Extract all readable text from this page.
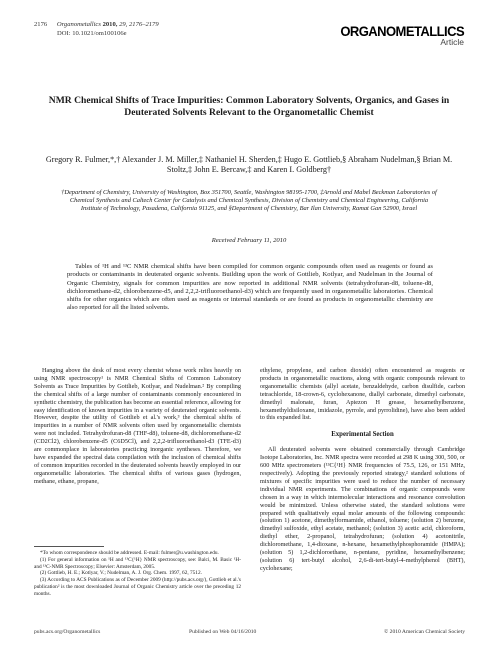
2176 Organometallics 2010, 29, 2176–2179
DOI: 10.1021/om100106e	ORGANOMETALLICS
Article
NMR Chemical Shifts of Trace Impurities: Common Laboratory Solvents, Organics, and Gases in Deuterated Solvents Relevant to the Organometallic Chemist
Gregory R. Fulmer,*,† Alexander J. M. Miller,‡ Nathaniel H. Sherden,‡ Hugo E. Gottlieb,§ Abraham Nudelman,§ Brian M. Stoltz,‡ John E. Bercaw,‡ and Karen I. Goldberg†
†Department of Chemistry, University of Washington, Box 351700, Seattle, Washington 98195-1700, ‡Arnold and Mabel Beckman Laboratories of Chemical Synthesis and Caltech Center for Catalysis and Chemical Synthesis, Division of Chemistry and Chemical Engineering, California Institute of Technology, Pasadena, California 91125, and §Department of Chemistry, Bar Ilan University, Ramat Gan 52900, Israel
Received February 11, 2010
Tables of ¹H and ¹³C NMR chemical shifts have been compiled for common organic compounds often used as reagents or found as products or contaminants in deuterated organic solvents. Building upon the work of Gottlieb, Kotlyar, and Nudelman in the Journal of Organic Chemistry, signals for common impurities are now reported in additional NMR solvents (tetrahydrofuran-d8, toluene-d8, dichloromethane-d2, chlorobenzene-d5, and 2,2,2-trifluoroethanol-d3) which are frequently used in organometallic laboratories. Chemical shifts for other organics which are often used as reagents or internal standards or are found as products in organometallic chemistry are also reported for all the listed solvents.

Hanging above the desk of most every chemist whose work relies heavily on using NMR spectroscopy¹ is NMR Chemical Shifts of Common Laboratory Solvents as Trace Impurities by Gottlieb, Kotlyar, and Nudelman.² By compiling the chemical shifts of a large number of contaminants commonly encountered in synthetic chemistry, the publication has become an essential reference, allowing for easy identification of known impurities in a variety of deuterated organic solvents. However, despite the utility of Gottlieb et al.'s work,³ the chemical shifts of impurities in a number of NMR solvents often used by organometallic chemists were not included. Tetrahydrofuran-d8 (THF-d8), toluene-d8, dichloromethane-d2 (CD2Cl2), chlorobenzene-d5 (C6D5Cl), and 2,2,2-trifluoroethanol-d3 (TFE-d3) are commonplace in laboratories practicing inorganic syntheses. Therefore, we have expanded the spectral data compilation with the inclusion of chemical shifts of common impurities recorded in the deuterated solvents heavily employed in our organometallic laboratories. The chemical shifts of various gases (hydrogen, methane, ethane, propane,

*To whom correspondence should be addressed. E-mail: fulmer@u.washington.edu.

(1) For general information on ¹H and ¹³C{¹H} NMR spectroscopy, see: Balci, M. Basic ¹H- and ¹³C-NMR Spectroscopy; Elsevier: Amsterdam, 2005.

(2) Gottlieb, H. E.; Kotlyar, V.; Nudelman, A. J. Org. Chem. 1997, 62, 7512.

(3) According to ACS Publications as of December 2009 (http://pubs.acs.org/), Gottlieb et al.'s publication² is the most downloaded Journal of Organic Chemistry article over the preceding 12 months.

ethylene, propylene, and carbon dioxide) often encountered as reagents or products in organometallic reactions, along with organic compounds relevant to organometallic chemists (allyl acetate, benzaldehyde, carbon disulfide, carbon tetrachloride, 18-crown-6, cyclohexanone, diallyl carbonate, dimethyl carbonate, dimethyl malonate, furan, Apiezon H grease, hexamethylbenzene, hexamethyldisiloxane, imidazole, pyrrole, and pyrrolidine), have also been added to this expanded list.

Experimental Section

All deuterated solvents were obtained commercially through Cambridge Isotope Laboratories, Inc. NMR spectra were recorded at 298 K using 300, 500, or 600 MHz spectrometers (¹³C{¹H} NMR frequencies of 75.5, 126, or 151 MHz, respectively). Adopting the previously reported strategy,² standard solutions of mixtures of specific impurities were used to reduce the number of necessary individual NMR experiments. The combinations of organic compounds were chosen in a way in which intermolecular interactions and resonance convolution would be minimized. Unless otherwise stated, the standard solutions were prepared with qualitatively equal molar amounts of the following compounds: (solution 1) acetone, dimethylformamide, ethanol, toluene; (solution 2) benzene, dimethyl sulfoxide, ethyl acetate, methanol; (solution 3) acetic acid, chloroform, diethyl ether, 2-propanol, tetrahydrofuran; (solution 4) acetonitrile, dichloromethane, 1,4-dioxane, n-hexane, hexamethylphosphoramide (HMPA); (solution 5) 1,2-dichloroethane, n-pentane, pyridine, hexamethylbenzene; (solution 6) tert-butyl alcohol, 2,6-di-tert-butyl-4-methylphenol (BHT), cyclohexane;

pubs.acs.org/Organometallics	Published on Web 04/16/2010	© 2010 American Chemical Society
